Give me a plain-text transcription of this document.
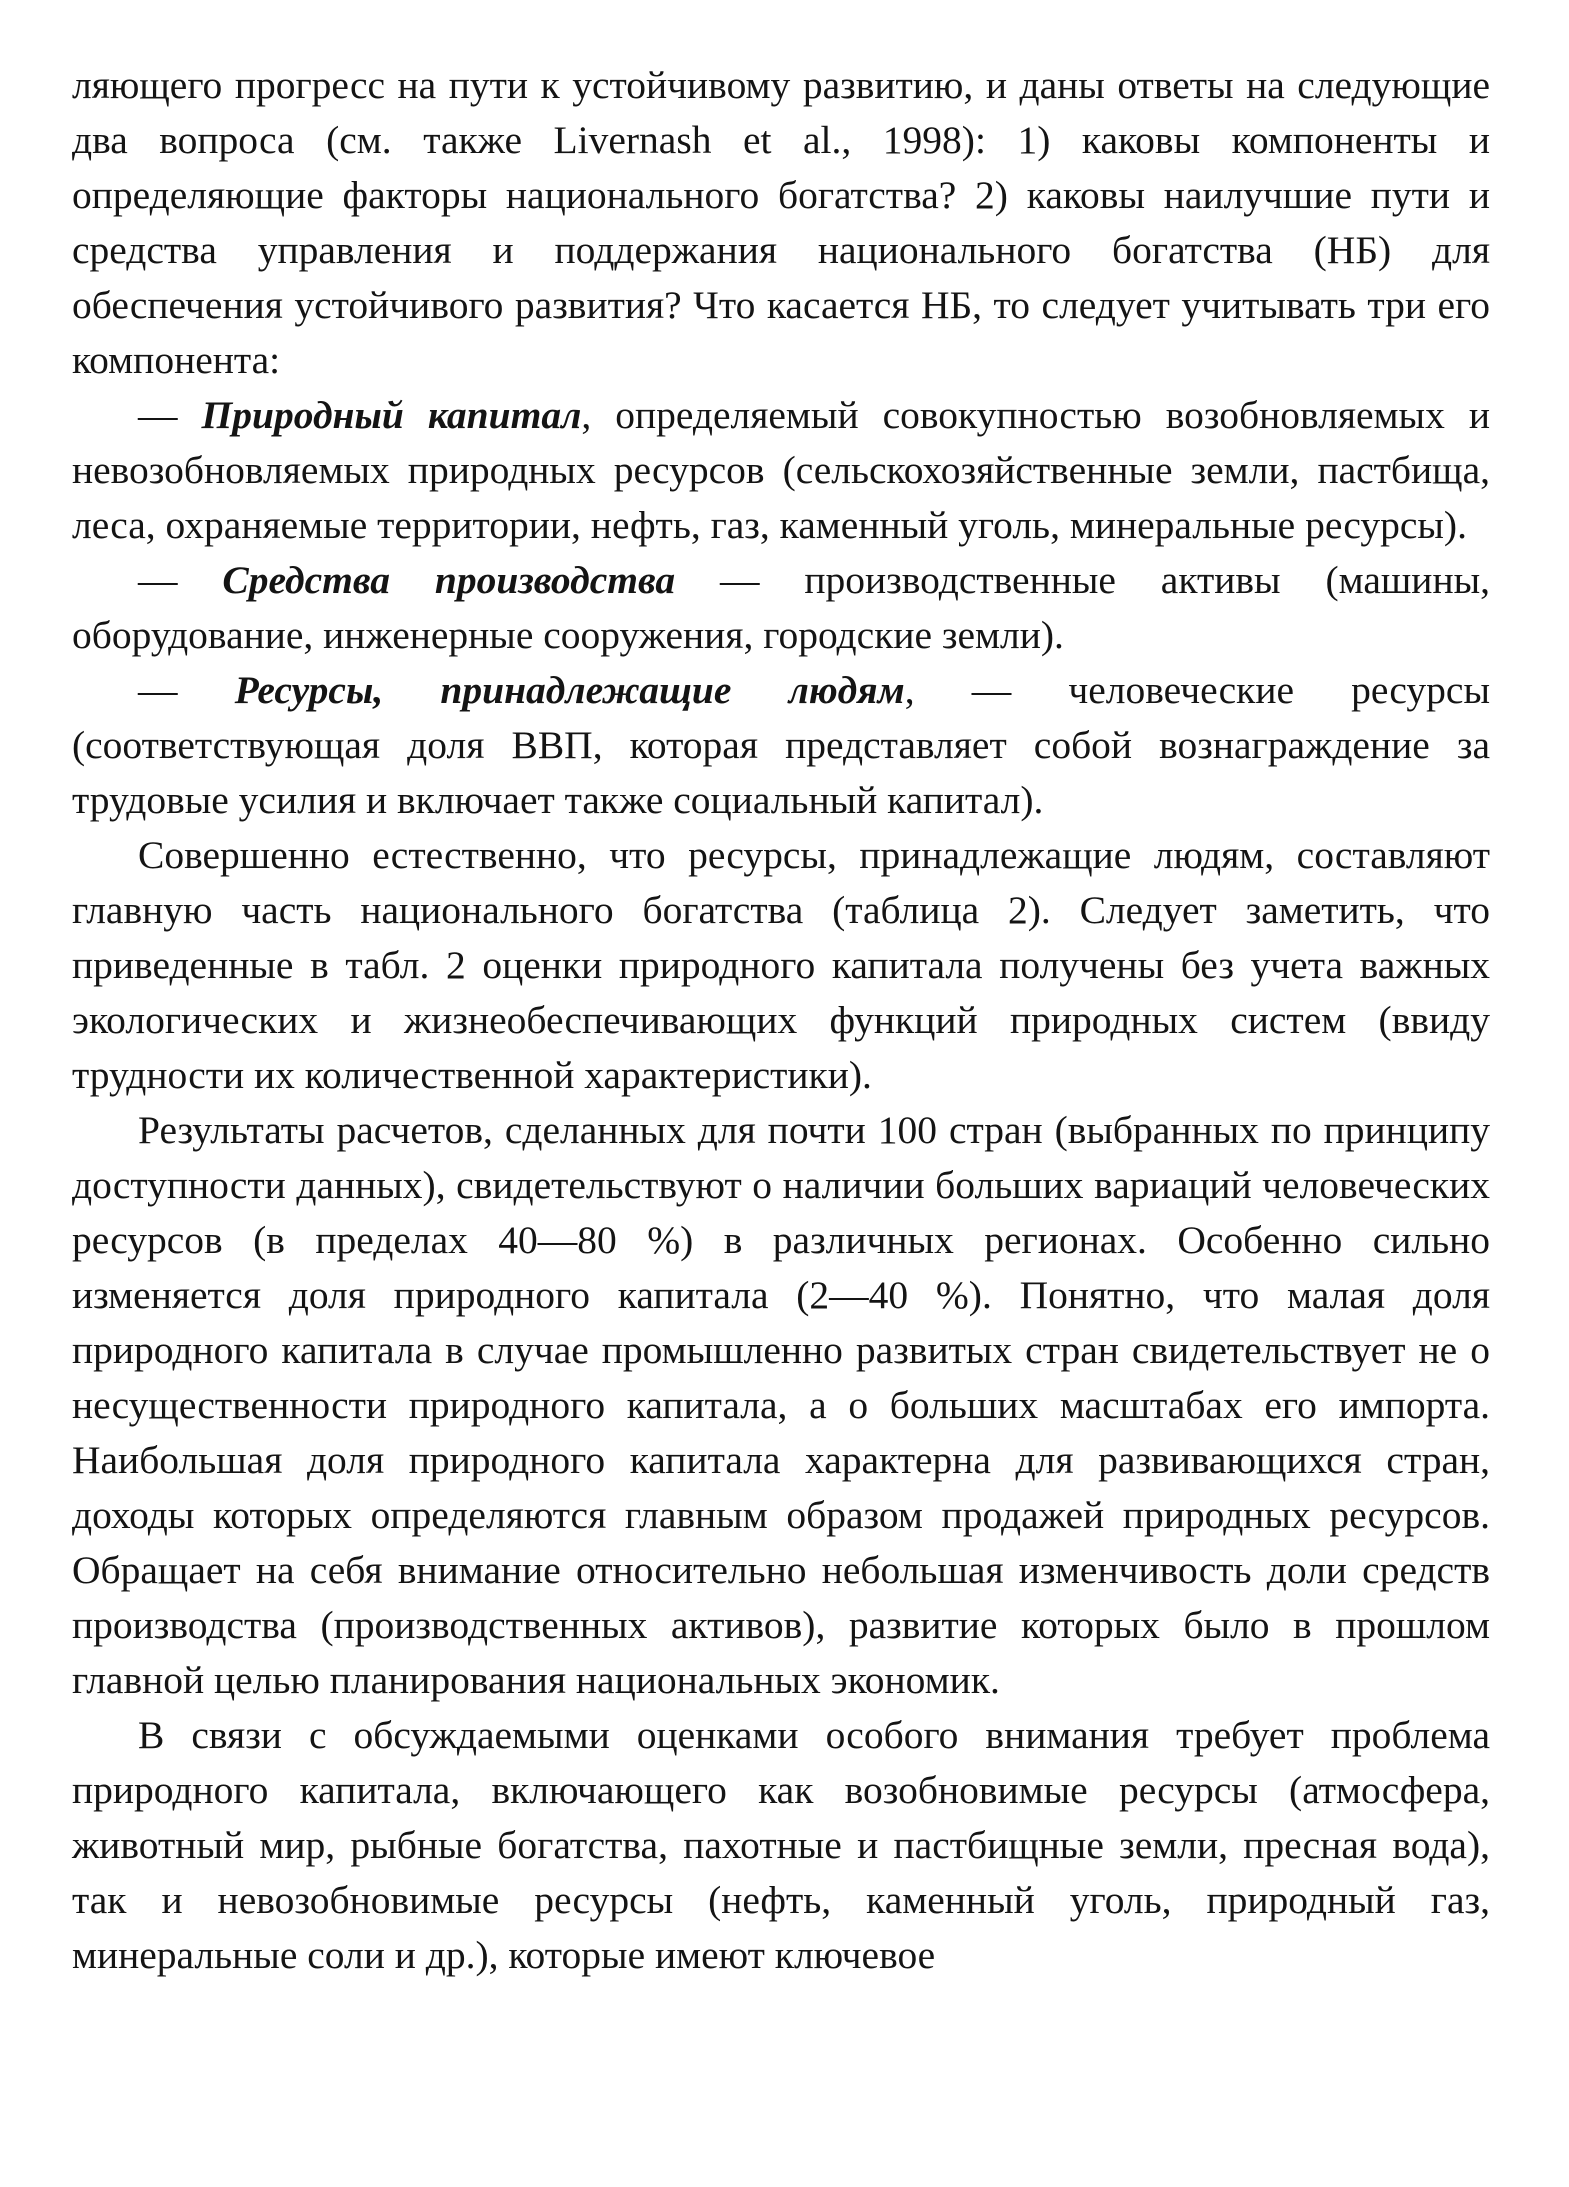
ляющего прогресс на пути к устойчивому развитию, и даны ответы на следующие два вопроса (см. также Livernash et al., 1998): 1) каковы компоненты и определяющие факторы национального богатства? 2) каковы наилучшие пути и средства управления и поддержания национального богатства (НБ) для обеспечения устойчивого развития? Что касается НБ, то следует учитывать три его компонента:

— Природный капитал, определяемый совокупностью возобновляемых и невозобновляемых природных ресурсов (сельскохозяйственные земли, пастбища, леса, охраняемые территории, нефть, газ, каменный уголь, минеральные ресурсы).

— Средства производства — производственные активы (машины, оборудование, инженерные сооружения, городские земли).

— Ресурсы, принадлежащие людям, — человеческие ресурсы (соответствующая доля ВВП, которая представляет собой вознаграждение за трудовые усилия и включает также социальный капитал).

Совершенно естественно, что ресурсы, принадлежащие людям, составляют главную часть национального богатства (таблица 2). Следует заметить, что приведенные в табл. 2 оценки природного капитала получены без учета важных экологических и жизнеобеспечивающих функций природных систем (ввиду трудности их количественной характеристики).

Результаты расчетов, сделанных для почти 100 стран (выбранных по принципу доступности данных), свидетельствуют о наличии больших вариаций человеческих ресурсов (в пределах 40—80 %) в различных регионах. Особенно сильно изменяется доля природного капитала (2—40 %). Понятно, что малая доля природного капитала в случае промышленно развитых стран свидетельствует не о несущественности природного капитала, а о больших масштабах его импорта. Наибольшая доля природного капитала характерна для развивающихся стран, доходы которых определяются главным образом продажей природных ресурсов. Обращает на себя внимание относительно небольшая изменчивость доли средств производства (производственных активов), развитие которых было в прошлом главной целью планирования национальных экономик.

В связи с обсуждаемыми оценками особого внимания требует проблема природного капитала, включающего как возобновимые ресурсы (атмосфера, животный мир, рыбные богатства, пахотные и пастбищные земли, пресная вода), так и невозобновимые ресурсы (нефть, каменный уголь, природный газ, минеральные соли и др.), которые имеют ключевое
